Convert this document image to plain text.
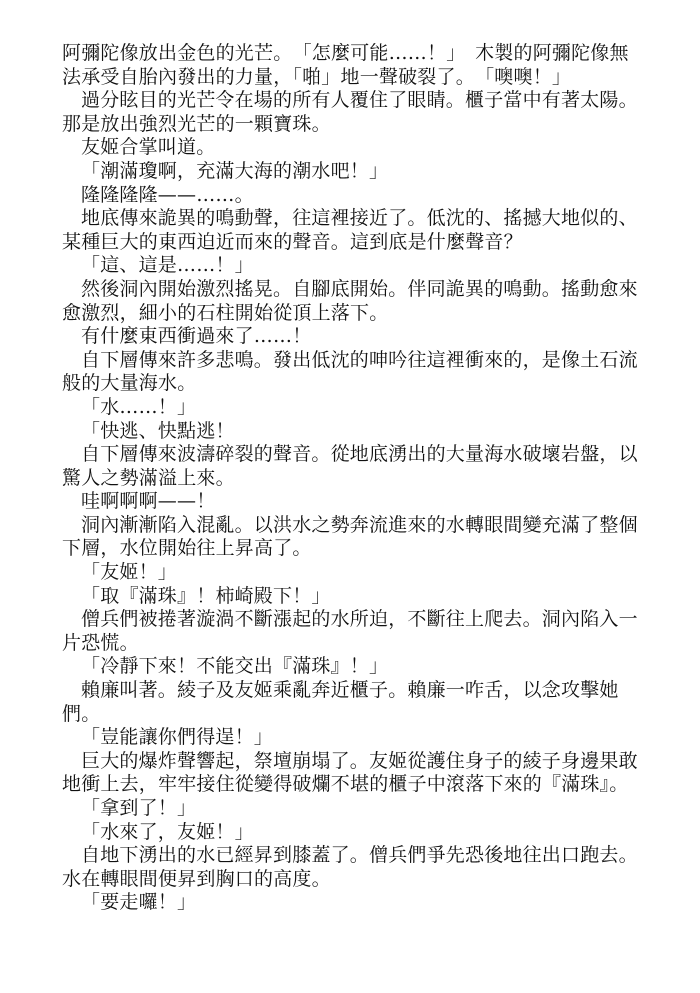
阿彌陀像放出金色的光芒。　「怎麼可能……！」　木製的阿彌陀像無法承受自胎內發出的力量，「啪」地一聲破裂了。　「噢噢！」

過分眩目的光芒令在場的所有人覆住了眼睛。櫃子當中有著太陽。那是放出強烈光芒的一顆寶珠。

友姬合掌叫道。

「潮滿瓊啊，充滿大海的潮水吧！」

隆隆隆隆——……。

地底傳來詭異的鳴動聲，往這裡接近了。低沈的、搖撼大地似的、某種巨大的東西迫近而來的聲音。這到底是什麼聲音？

「這、這是……！」

然後洞內開始激烈搖晃。自腳底開始。伴同詭異的鳴動。搖動愈來愈激烈，細小的石柱開始從頂上落下。

有什麼東西衝過來了……！

自下層傳來許多悲鳴。發出低沈的呻吟往這裡衝來的，是像土石流般的大量海水。

「水……！」

「快逃、快點逃！

自下層傳來波濤碎裂的聲音。從地底湧出的大量海水破壞岩盤，以驚人之勢滿溢上來。

哇啊啊啊——！

洞內漸漸陷入混亂。以洪水之勢奔流進來的水轉眼間變充滿了整個下層，水位開始往上昇高了。

「友姬！」

「取『滿珠』！柿崎殿下！」

僧兵們被捲著漩渦不斷漲起的水所迫，不斷往上爬去。洞內陷入一片恐慌。

「冷靜下來！不能交出『滿珠』！」

賴廉叫著。綾子及友姬乘亂奔近櫃子。賴廉一咋舌，以念攻擊她們。

「豈能讓你們得逞！」

巨大的爆炸聲響起，祭壇崩塌了。友姬從護住身子的綾子身邊果敢地衝上去，牢牢接住從變得破爛不堪的櫃子中滾落下來的『滿珠』。

「拿到了！」

「水來了，友姬！」

自地下湧出的水已經昇到膝蓋了。僧兵們爭先恐後地往出口跑去。水在轉眼間便昇到胸口的高度。

「要走囉！」
